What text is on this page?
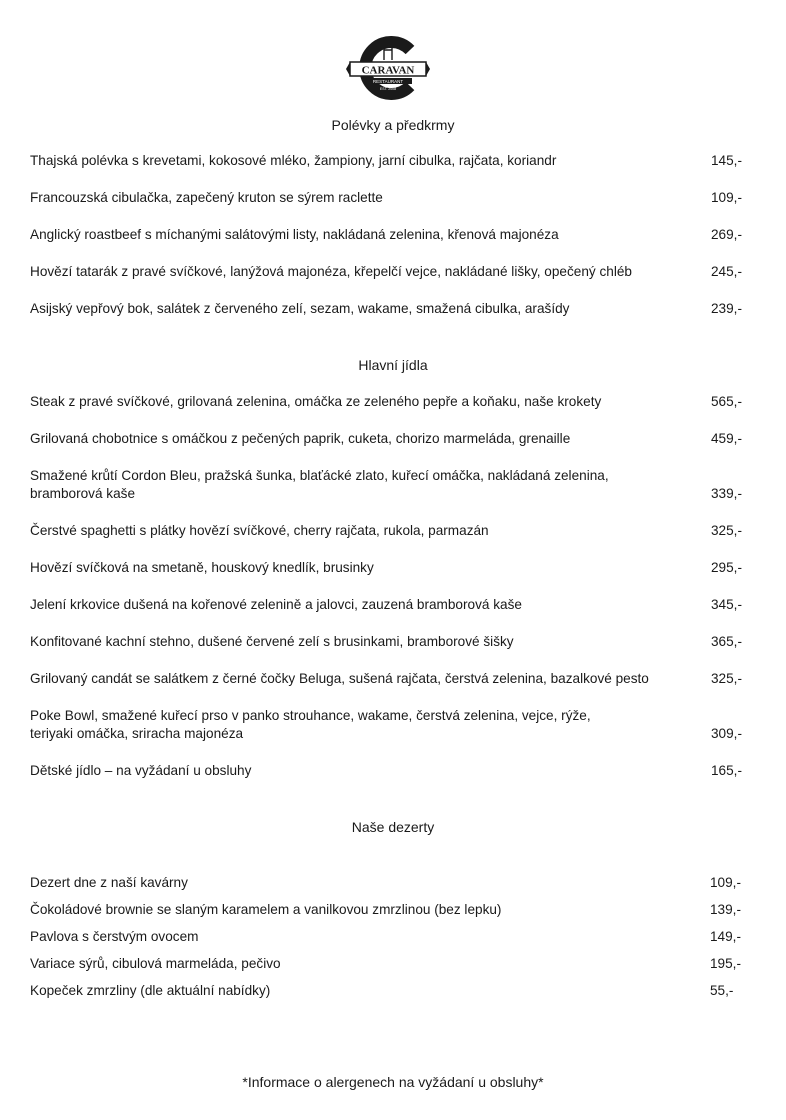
CARAVAN
RESTAURANT
EST. 2008
Polévky a předkrmy
Thajská polévka s krevetami, kokosové mléko, žampiony, jarní cibulka, rajčata, koriandr	145,-
Francouzská cibulačka, zapečený kruton se sýrem raclette	109,-
Anglický roastbeef s míchanými salátovými listy, nakládaná zelenina, křenová majonéza	269,-
Hovězí tatarák z pravé svíčkové, lanýžová majonéza, křepelčí vejce, nakládané lišky, opečený chléb	245,-
Asijský vepřový bok, salátek z červeného zelí, sezam, wakame, smažená cibulka, arašídy	239,-
Hlavní jídla
Steak z pravé svíčkové, grilovaná zelenina, omáčka ze zeleného pepře a koňaku, naše krokety	565,-
Grilovaná chobotnice s omáčkou z pečených paprik, cuketa, chorizo marmeláda, grenaille	459,-
Smažené krůtí Cordon Bleu, pražská šunka, blaťácké zlato, kuřecí omáčka, nakládaná zelenina, bramborová kaše	339,-
Čerstvé spaghetti s plátky hovězí svíčkové, cherry rajčata, rukola, parmazán	325,-
Hovězí svíčková na smetaně, houskový knedlík, brusinky	295,-
Jelení krkovice dušená na kořenové zelenině a jalovci, zauzená bramborová kaše	345,-
Konfitované kachní stehno, dušené červené zelí s brusinkami, bramborové šišky	365,-
Grilovaný candát se salátkem z černé čočky Beluga, sušená rajčata, čerstvá zelenina, bazalkové pesto	325,-
Poke Bowl, smažené kuřecí prso v panko strouhance, wakame, čerstvá zelenina, vejce, rýže, teriyaki omáčka, sriracha majonéza	309,-
Dětské jídlo – na vyžádaní u obsluhy	165,-
Naše dezerty
Dezert dne z naší kavárny	109,-
Čokoládové brownie se slaným karamelem a vanilkovou zmrzlinou (bez lepku)	139,-
Pavlova s čerstvým ovocem	149,-
Variace sýrů, cibulová marmeláda, pečivo	195,-
Kopeček zmrzliny (dle aktuální nabídky)	55,-
*Informace o alergenech na vyžádaní u obsluhy*
